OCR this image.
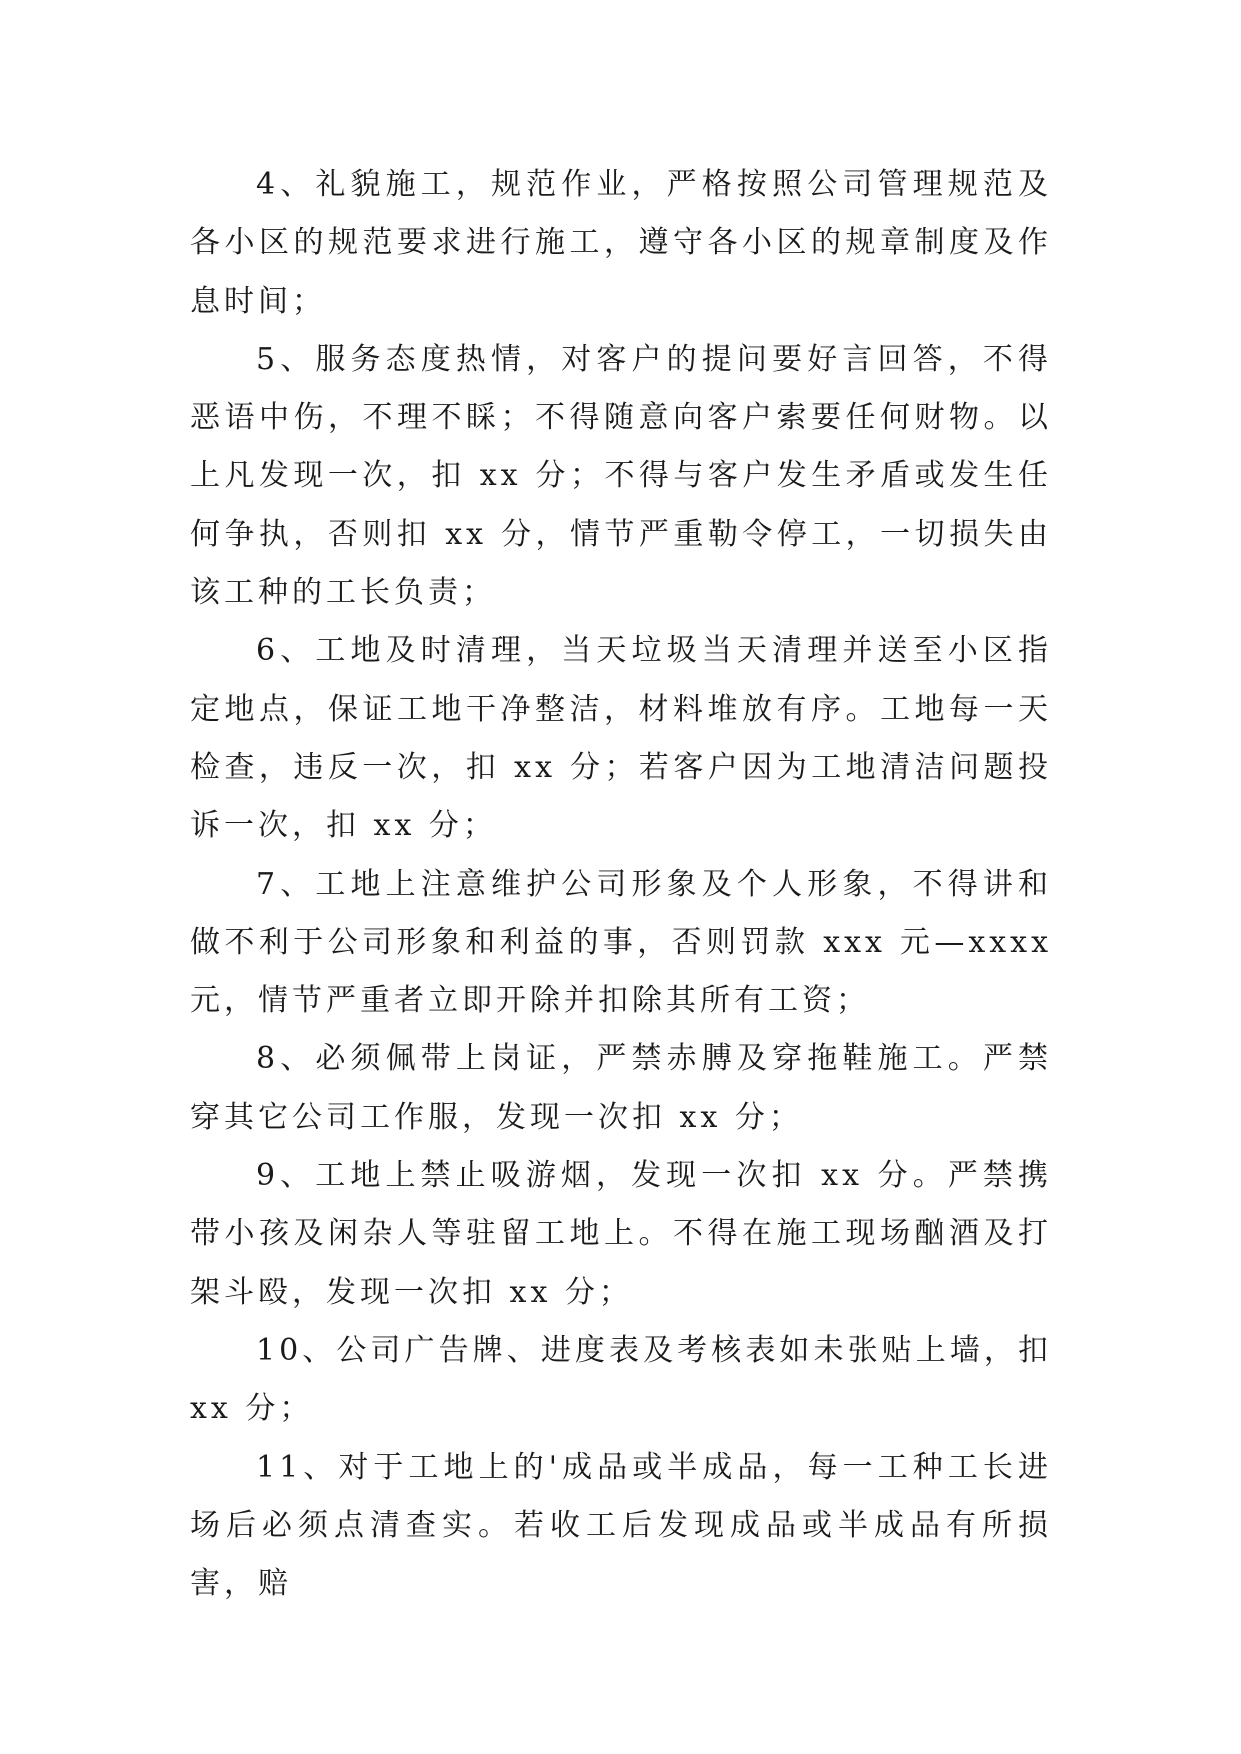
4、礼貌施工，规范作业，严格按照公司管理规范及各小区的规范要求进行施工，遵守各小区的规章制度及作息时间；

5、服务态度热情，对客户的提问要好言回答，不得恶语中伤，不理不睬；不得随意向客户索要任何财物。以上凡发现一次，扣 xx 分；不得与客户发生矛盾或发生任何争执，否则扣 xx 分，情节严重勒令停工，一切损失由该工种的工长负责；

6、工地及时清理，当天垃圾当天清理并送至小区指定地点，保证工地干净整洁，材料堆放有序。工地每一天检查，违反一次，扣 xx 分；若客户因为工地清洁问题投诉一次，扣 xx 分；

7、工地上注意维护公司形象及个人形象，不得讲和做不利于公司形象和利益的事，否则罚款 xxx 元—xxxx 元，情节严重者立即开除并扣除其所有工资；

8、必须佩带上岗证，严禁赤膊及穿拖鞋施工。严禁穿其它公司工作服，发现一次扣 xx 分；

9、工地上禁止吸游烟，发现一次扣 xx 分。严禁携带小孩及闲杂人等驻留工地上。不得在施工现场酗酒及打架斗殴，发现一次扣 xx 分；

10、公司广告牌、进度表及考核表如未张贴上墙，扣 xx 分；

11、对于工地上的'成品或半成品，每一工种工长进场后必须点清查实。若收工后发现成品或半成品有所损害，赔
